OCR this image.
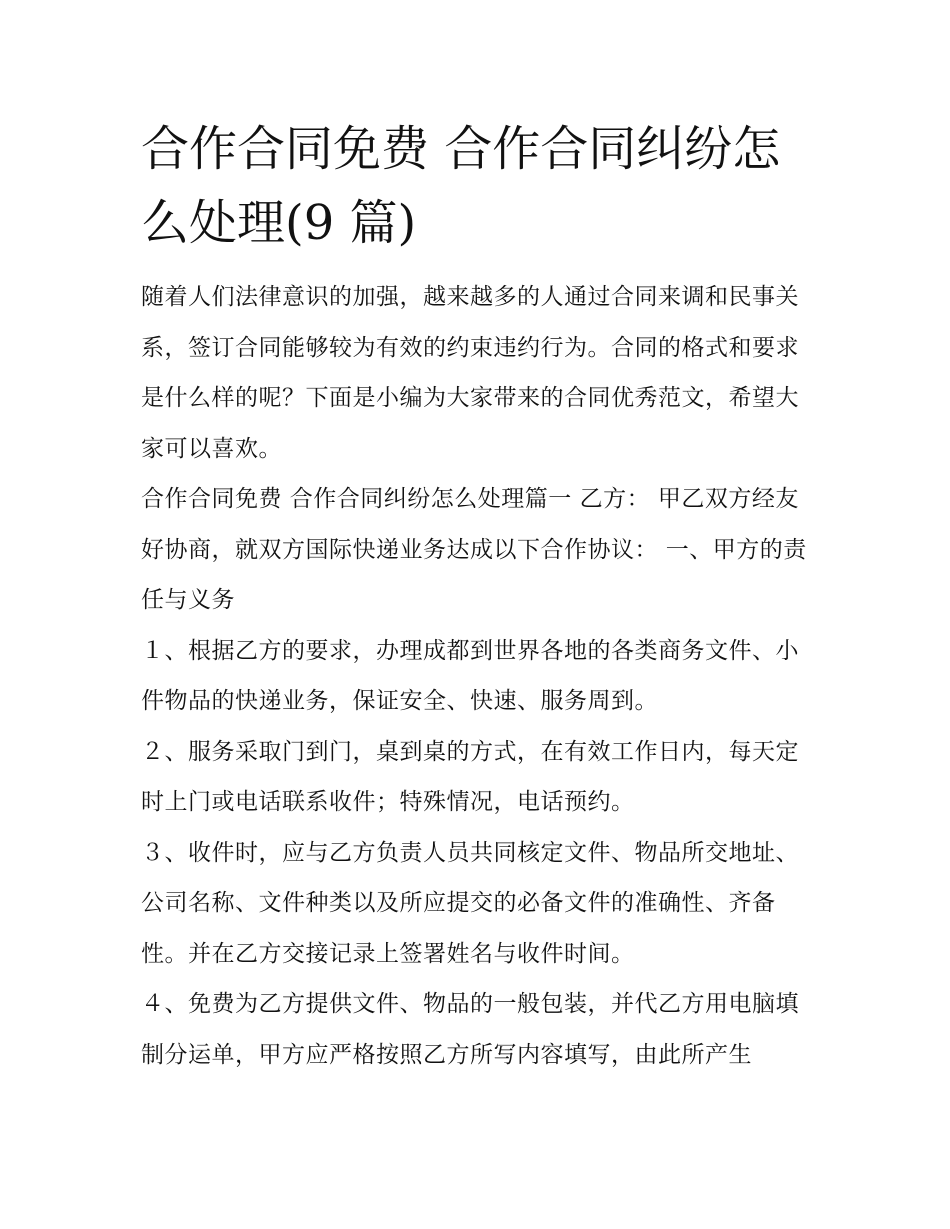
合作合同免费 合作合同纠纷怎么处理(9 篇)

随着人们法律意识的加强，越来越多的人通过合同来调和民事关系，签订合同能够较为有效的约束违约行为。合同的格式和要求是什么样的呢？下面是小编为大家带来的合同优秀范文，希望大家可以喜欢。

合作合同免费 合作合同纠纷怎么处理篇一 乙方： 甲乙双方经友好协商，就双方国际快递业务达成以下合作协议： 一、甲方的责任与义务

１、根据乙方的要求，办理成都到世界各地的各类商务文件、小件物品的快递业务，保证安全、快速、服务周到。

２、服务采取门到门，桌到桌的方式，在有效工作日内，每天定时上门或电话联系收件；特殊情况，电话预约。

３、收件时，应与乙方负责人员共同核定文件、物品所交地址、公司名称、文件种类以及所应提交的必备文件的准确性、齐备性。并在乙方交接记录上签署姓名与收件时间。

４、免费为乙方提供文件、物品的一般包装，并代乙方用电脑填制分运单，甲方应严格按照乙方所写内容填写，由此所产生
